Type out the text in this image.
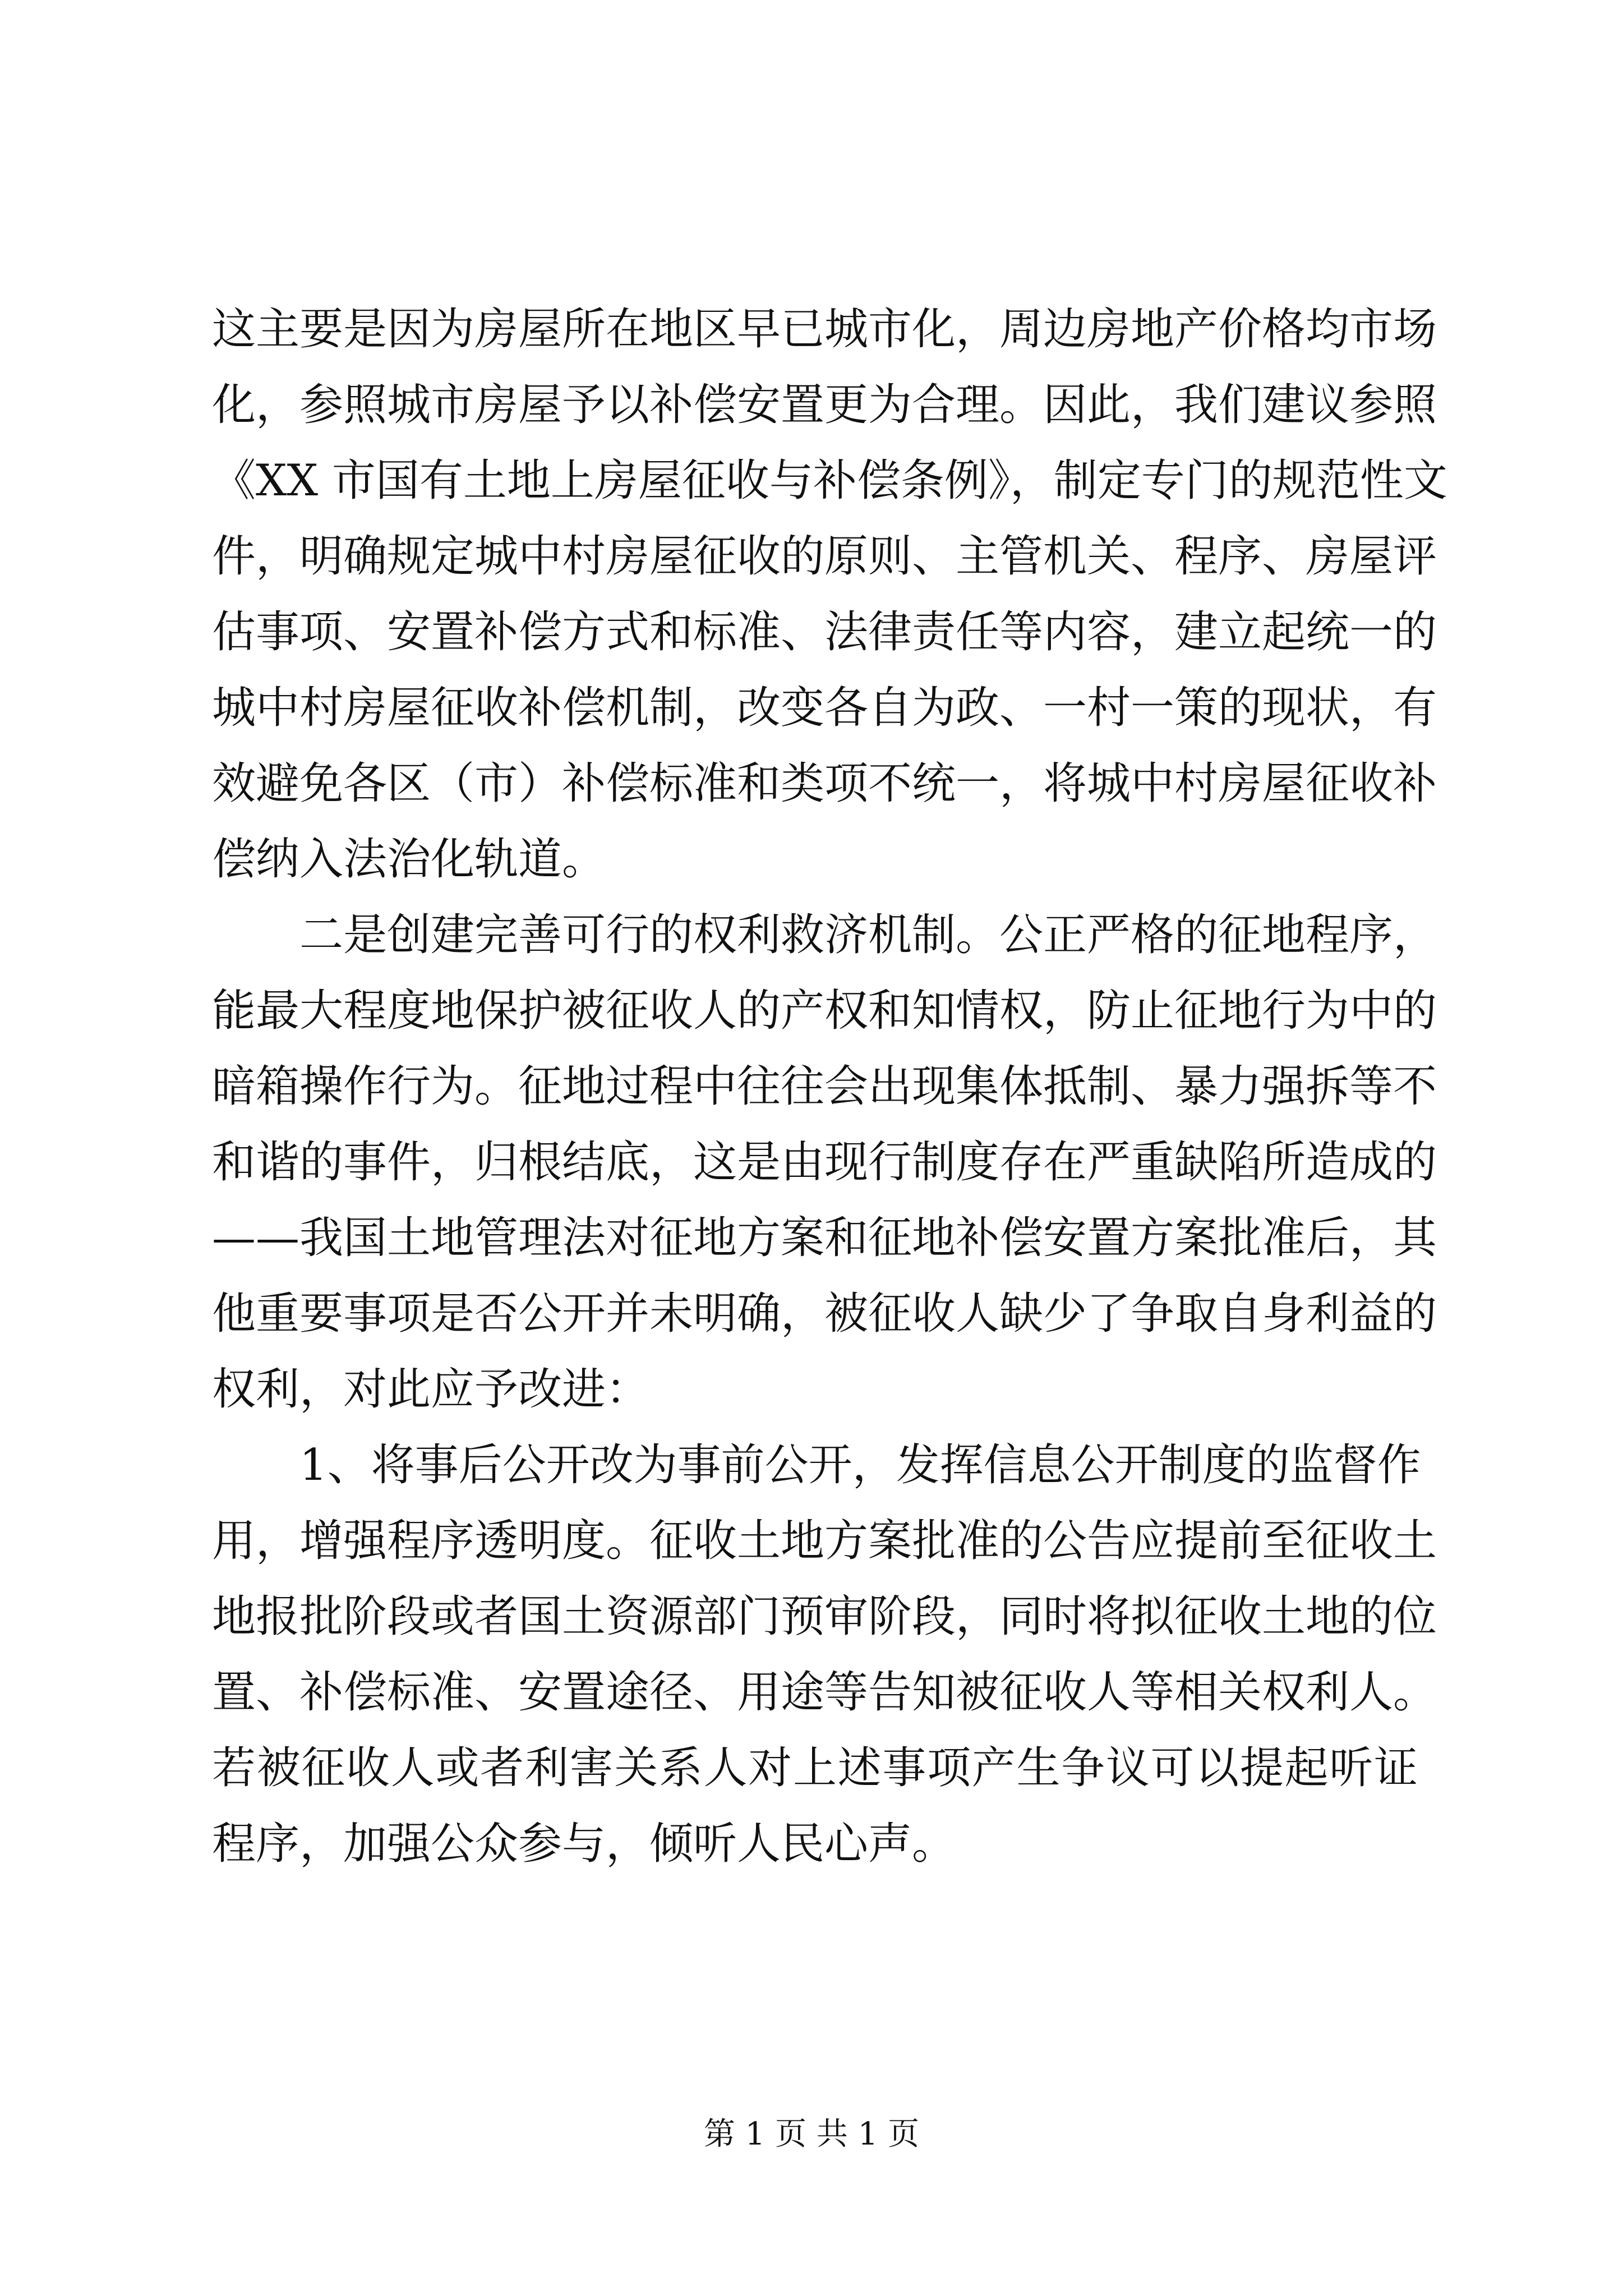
这主要是因为房屋所在地区早已城市化，周边房地产价格均市场
化，参照城市房屋予以补偿安置更为合理。因此，我们建议参照
《XX 市国有土地上房屋征收与补偿条例》，制定专门的规范性文
件，明确规定城中村房屋征收的原则、主管机关、程序、房屋评
估事项、安置补偿方式和标准、法律责任等内容，建立起统一的
城中村房屋征收补偿机制，改变各自为政、一村一策的现状，有
效避免各区（市）补偿标准和类项不统一，将城中村房屋征收补
偿纳入法治化轨道。
二是创建完善可行的权利救济机制。公正严格的征地程序，
能最大程度地保护被征收人的产权和知情权，防止征地行为中的
暗箱操作行为。征地过程中往往会出现集体抵制、暴力强拆等不
和谐的事件，归根结底，这是由现行制度存在严重缺陷所造成的
——我国土地管理法对征地方案和征地补偿安置方案批准后，其
他重要事项是否公开并未明确，被征收人缺少了争取自身利益的
权利，对此应予改进：
1、将事后公开改为事前公开，发挥信息公开制度的监督作
用，增强程序透明度。征收土地方案批准的公告应提前至征收土
地报批阶段或者国土资源部门预审阶段，同时将拟征收土地的位
置、补偿标准、安置途径、用途等告知被征收人等相关权利人。
若被征收人或者利害关系人对上述事项产生争议可以提起听证
程序，加强公众参与，倾听人民心声。
第 1 页 共 1 页
